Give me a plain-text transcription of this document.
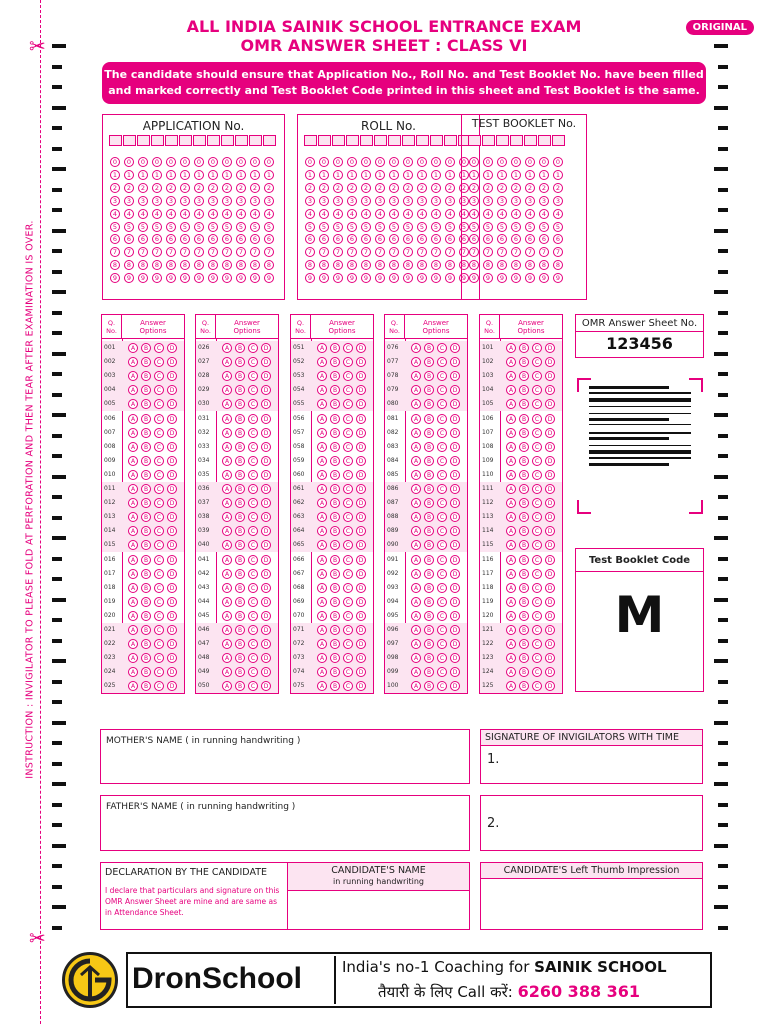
✂
✂
INSTRUCTION : INVIGILATOR TO PLEASE FOLD AT PERFORATION AND THEN TEAR AFTER EXAMINATION IS OVER.
ALL INDIA SAINIK SCHOOL ENTRANCE EXAM
OMR ANSWER SHEET : CLASS VI
ORIGINAL
The candidate should ensure that Application No., Roll No. and Test Booklet No. have been filled and marked correctly and Test Booklet Code printed in this sheet and Test Booklet is the same.
APPLICATION No.
0
1
2
3
4
5
6
7
8
9
0
1
2
3
4
5
6
7
8
9
0
1
2
3
4
5
6
7
8
9
0
1
2
3
4
5
6
7
8
9
0
1
2
3
4
5
6
7
8
9
0
1
2
3
4
5
6
7
8
9
0
1
2
3
4
5
6
7
8
9
0
1
2
3
4
5
6
7
8
9
0
1
2
3
4
5
6
7
8
9
0
1
2
3
4
5
6
7
8
9
0
1
2
3
4
5
6
7
8
9
0
1
2
3
4
5
6
7
8
9
ROLL No.
0
1
2
3
4
5
6
7
8
9
0
1
2
3
4
5
6
7
8
9
0
1
2
3
4
5
6
7
8
9
0
1
2
3
4
5
6
7
8
9
0
1
2
3
4
5
6
7
8
9
0
1
2
3
4
5
6
7
8
9
0
1
2
3
4
5
6
7
8
9
0
1
2
3
4
5
6
7
8
9
0
1
2
3
4
5
6
7
8
9
0
1
2
3
4
5
6
7
8
9
0
1
2
3
4
5
6
7
8
9
0
1
2
3
4
5
6
7
8
9
TEST BOOKLET No.
0
1
2
3
4
5
6
7
8
9
0
1
2
3
4
5
6
7
8
9
0
1
2
3
4
5
6
7
8
9
0
1
2
3
4
5
6
7
8
9
0
1
2
3
4
5
6
7
8
9
0
1
2
3
4
5
6
7
8
9
0
1
2
3
4
5
6
7
8
9
Q.
No.
Answer
Options
001	A	B	C	D
002	A	B	C	D
003	A	B	C	D
004	A	B	C	D
005	A	B	C	D
006	A	B	C	D
007	A	B	C	D
008	A	B	C	D
009	A	B	C	D
010	A	B	C	D
011	A	B	C	D
012	A	B	C	D
013	A	B	C	D
014	A	B	C	D
015	A	B	C	D
016	A	B	C	D
017	A	B	C	D
018	A	B	C	D
019	A	B	C	D
020	A	B	C	D
021	A	B	C	D
022	A	B	C	D
023	A	B	C	D
024	A	B	C	D
025	A	B	C	D
Q.
No.
Answer
Options
026	A	B	C	D
027	A	B	C	D
028	A	B	C	D
029	A	B	C	D
030	A	B	C	D
031	A	B	C	D
032	A	B	C	D
033	A	B	C	D
034	A	B	C	D
035	A	B	C	D
036	A	B	C	D
037	A	B	C	D
038	A	B	C	D
039	A	B	C	D
040	A	B	C	D
041	A	B	C	D
042	A	B	C	D
043	A	B	C	D
044	A	B	C	D
045	A	B	C	D
046	A	B	C	D
047	A	B	C	D
048	A	B	C	D
049	A	B	C	D
050	A	B	C	D
Q.
No.
Answer
Options
051	A	B	C	D
052	A	B	C	D
053	A	B	C	D
054	A	B	C	D
055	A	B	C	D
056	A	B	C	D
057	A	B	C	D
058	A	B	C	D
059	A	B	C	D
060	A	B	C	D
061	A	B	C	D
062	A	B	C	D
063	A	B	C	D
064	A	B	C	D
065	A	B	C	D
066	A	B	C	D
067	A	B	C	D
068	A	B	C	D
069	A	B	C	D
070	A	B	C	D
071	A	B	C	D
072	A	B	C	D
073	A	B	C	D
074	A	B	C	D
075	A	B	C	D
Q.
No.
Answer
Options
076	A	B	C	D
077	A	B	C	D
078	A	B	C	D
079	A	B	C	D
080	A	B	C	D
081	A	B	C	D
082	A	B	C	D
083	A	B	C	D
084	A	B	C	D
085	A	B	C	D
086	A	B	C	D
087	A	B	C	D
088	A	B	C	D
089	A	B	C	D
090	A	B	C	D
091	A	B	C	D
092	A	B	C	D
093	A	B	C	D
094	A	B	C	D
095	A	B	C	D
096	A	B	C	D
097	A	B	C	D
098	A	B	C	D
099	A	B	C	D
100	A	B	C	D
Q.
No.
Answer
Options
101	A	B	C	D
102	A	B	C	D
103	A	B	C	D
104	A	B	C	D
105	A	B	C	D
106	A	B	C	D
107	A	B	C	D
108	A	B	C	D
109	A	B	C	D
110	A	B	C	D
111	A	B	C	D
112	A	B	C	D
113	A	B	C	D
114	A	B	C	D
115	A	B	C	D
116	A	B	C	D
117	A	B	C	D
118	A	B	C	D
119	A	B	C	D
120	A	B	C	D
121	A	B	C	D
122	A	B	C	D
123	A	B	C	D
124	A	B	C	D
125	A	B	C	D
OMR Answer Sheet No.
123456
Test Booklet Code
M
MOTHER'S NAME ( in running handwriting )
FATHER'S NAME ( in running handwriting )
SIGNATURE OF INVIGILATORS WITH TIME
1.
2.
DECLARATION BY THE CANDIDATE
I declare that particulars and signature on this OMR Answer Sheet are mine and are same as in Attendance Sheet.
CANDIDATE'S NAME
in running handwriting
CANDIDATE'S Left Thumb Impression
DronSchool	India's no-1 Coaching for SAINIK SCHOOL
तैयारी के लिए Call करें: 6260 388 361
